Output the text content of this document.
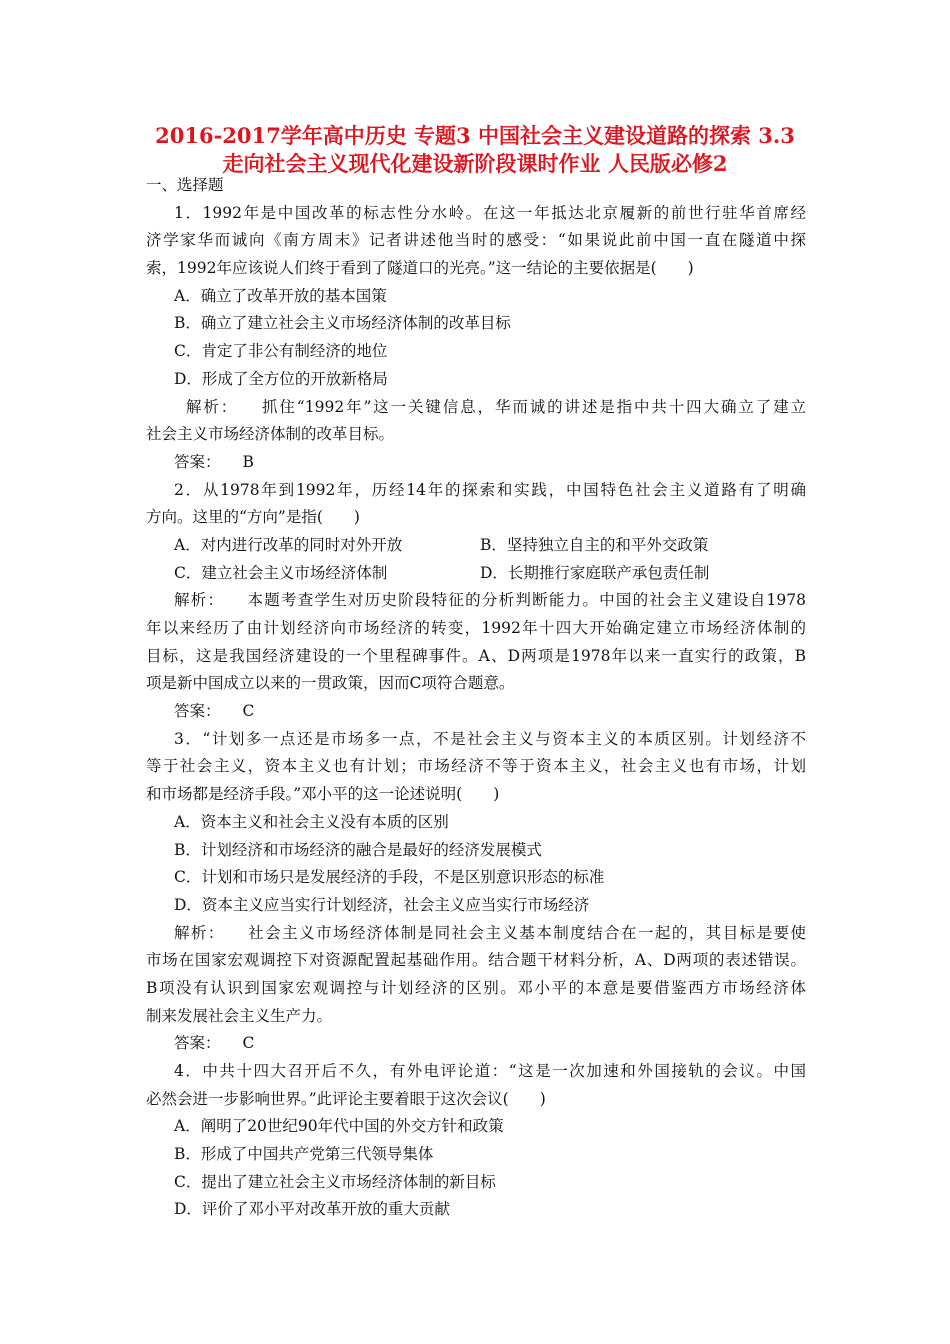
2016-2017学年高中历史 专题3 中国社会主义建设道路的探索 3.3
走向社会主义现代化建设新阶段课时作业 人民版必修2
一、选择题
1．1992年是中国改革的标志性分水岭。在这一年抵达北京履新的前世行驻华首席经
济学家华而诚向《南方周末》记者讲述他当时的感受：“如果说此前中国一直在隧道中探
索，1992年应该说人们终于看到了隧道口的光亮。”这一结论的主要依据是(　　)
A．确立了改革开放的基本国策
B．确立了建立社会主义市场经济体制的改革目标
C．肯定了非公有制经济的地位
D．形成了全方位的开放新格局
解析： 抓住“1992年”这一关键信息，华而诚的讲述是指中共十四大确立了建立
社会主义市场经济体制的改革目标。
答案： B
2．从1978年到1992年，历经14年的探索和实践，中国特色社会主义道路有了明确
方向。这里的“方向”是指(　　)
A．对内进行改革的同时对外开放	B．坚持独立自主的和平外交政策
C．建立社会主义市场经济体制	D．长期推行家庭联产承包责任制
解析： 本题考查学生对历史阶段特征的分析判断能力。中国的社会主义建设自1978
年以来经历了由计划经济向市场经济的转变，1992年十四大开始确定建立市场经济体制的
目标，这是我国经济建设的一个里程碑事件。A、D两项是1978年以来一直实行的政策，B
项是新中国成立以来的一贯政策，因而C项符合题意。
答案： C
3．“计划多一点还是市场多一点，不是社会主义与资本主义的本质区别。计划经济不
等于社会主义，资本主义也有计划；市场经济不等于资本主义，社会主义也有市场，计划
和市场都是经济手段。”邓小平的这一论述说明(　　)
A．资本主义和社会主义没有本质的区别
B．计划经济和市场经济的融合是最好的经济发展模式
C．计划和市场只是发展经济的手段，不是区别意识形态的标准
D．资本主义应当实行计划经济，社会主义应当实行市场经济
解析： 社会主义市场经济体制是同社会主义基本制度结合在一起的，其目标是要使
市场在国家宏观调控下对资源配置起基础作用。结合题干材料分析，A、D两项的表述错误。
B项没有认识到国家宏观调控与计划经济的区别。邓小平的本意是要借鉴西方市场经济体
制来发展社会主义生产力。
答案： C
4．中共十四大召开后不久，有外电评论道：“这是一次加速和外国接轨的会议。中国
必然会进一步影响世界。”此评论主要着眼于这次会议(　　)
A．阐明了20世纪90年代中国的外交方针和政策
B．形成了中国共产党第三代领导集体
C．提出了建立社会主义市场经济体制的新目标
D．评价了邓小平对改革开放的重大贡献
